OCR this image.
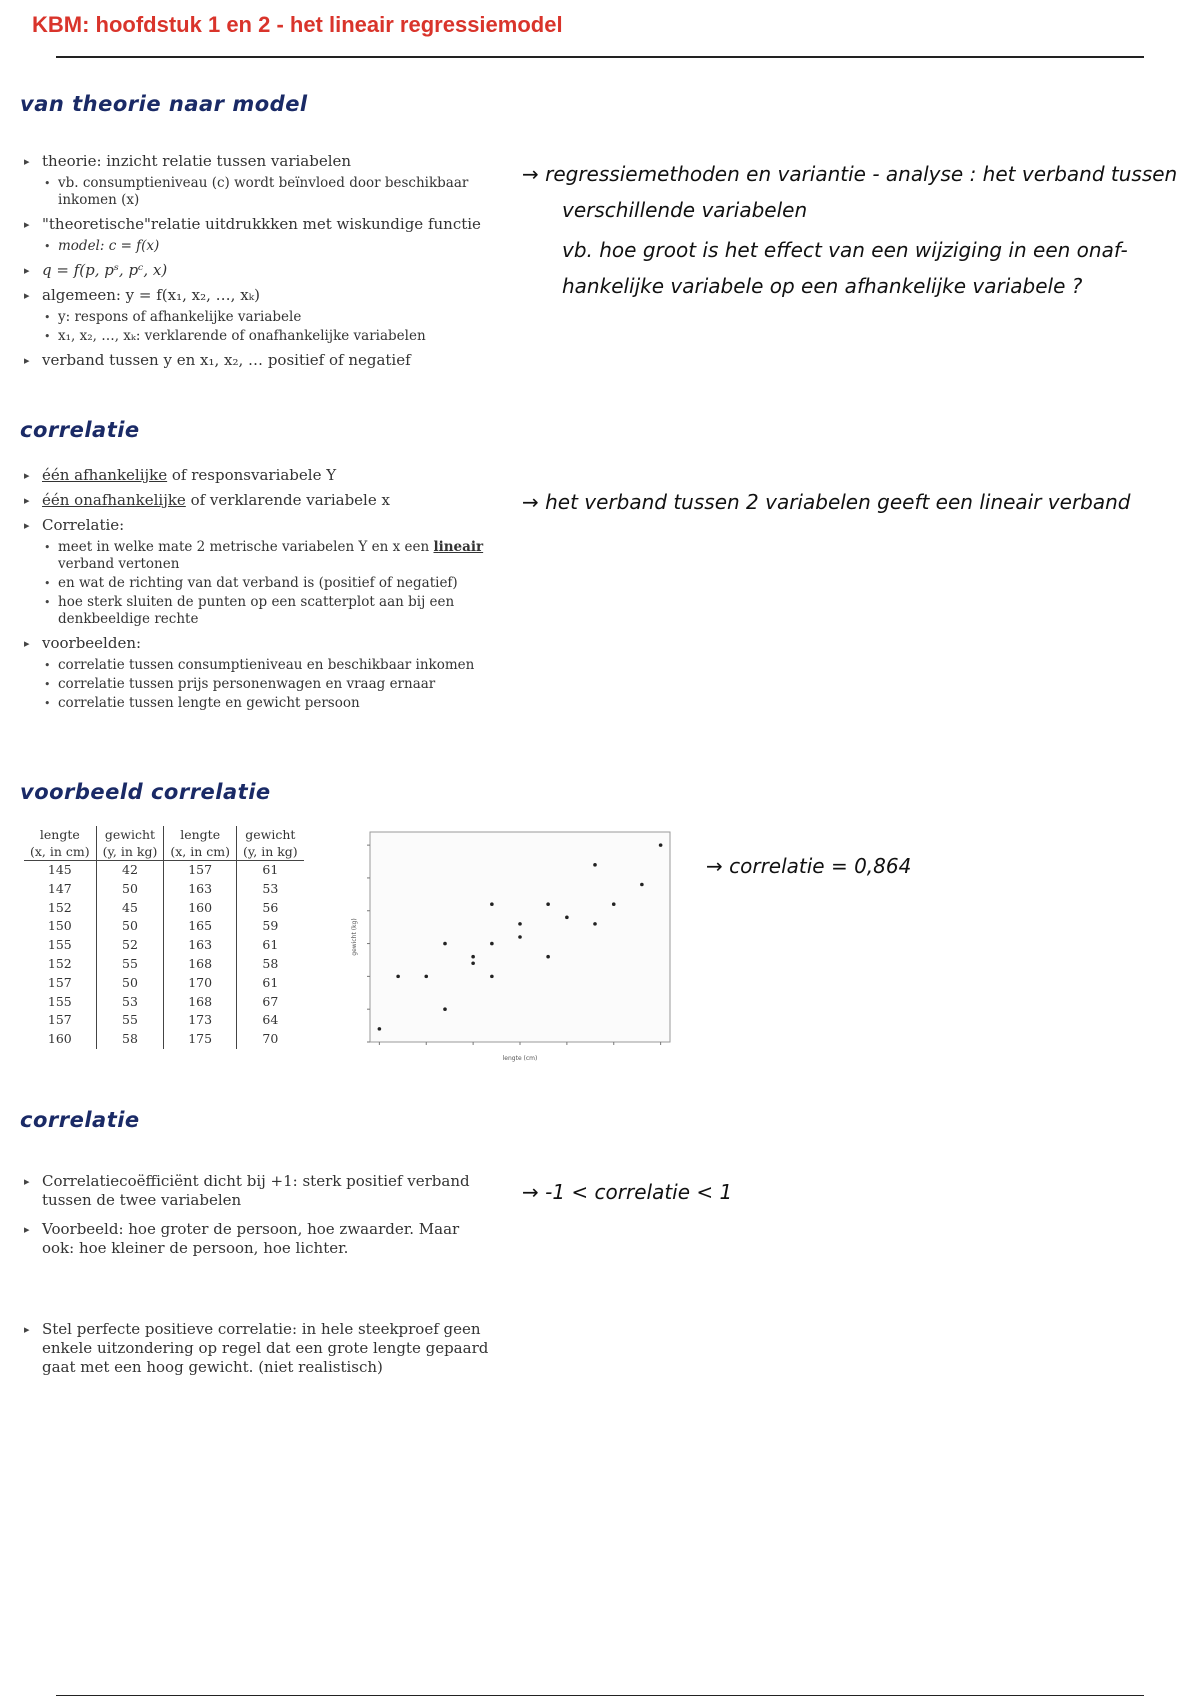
KBM: hoofdstuk 1 en 2 - het lineair regressiemodel
van theorie naar model
▸ theorie: inzicht relatie tussen variabelen
• vb. consumptieniveau (c) wordt beïnvloed door beschikbaar inkomen (x)
▸ "theoretische"relatie uitdrukkken met wiskundige functie
• model: c = f(x)
▸ q = f(p, pˢ, pᶜ, x)
▸ algemeen: y = f(x₁, x₂, …, xₖ)
• y: respons of afhankelijke variabele
• x₁, x₂, …, xₖ: verklarende of onafhankelijke variabelen
▸ verband tussen y en x₁, x₂, … positief of negatief
→ regressiemethoden en variantie - analyse : het verband tussen
verschillende variabelen
vb. hoe groot is het effect van een wijziging in een onaf-
hankelijke variabele op een afhankelijke variabele ?
correlatie
▸ één afhankelijke of responsvariabele Y
▸ één onafhankelijke of verklarende variabele x
▸ Correlatie:
• meet in welke mate 2 metrische variabelen Y en x een lineair verband vertonen
• en wat de richting van dat verband is (positief of negatief)
• hoe sterk sluiten de punten op een scatterplot aan bij een denkbeeldige rechte
▸ voorbeelden:
• correlatie tussen consumptieniveau en beschikbaar inkomen
• correlatie tussen prijs personenwagen en vraag ernaar
• correlatie tussen lengte en gewicht persoon
→ het verband tussen 2 variabelen geeft een lineair verband
voorbeeld correlatie
lengte	gewicht	lengte	gewicht
(x, in cm)	(y, in kg)	(x, in cm)	(y, in kg)
145	42	157	61
147	50	163	53
152	45	160	56
150	50	165	59
155	52	163	61
152	55	168	58
157	50	170	61
155	53	168	67
157	55	173	64
160	58	175	70
gewicht (kg)
lengte (cm)
→ correlatie = 0,864
correlatie
▸ Correlatiecoëfficiënt dicht bij +1: sterk positief verband tussen de twee variabelen
▸ Voorbeeld: hoe groter de persoon, hoe zwaarder. Maar ook: hoe kleiner de persoon, hoe lichter.
▸ Stel perfecte positieve correlatie: in hele steekproef geen enkele uitzondering op regel dat een grote lengte gepaard gaat met een hoog gewicht. (niet realistisch)
→ -1 < correlatie < 1
